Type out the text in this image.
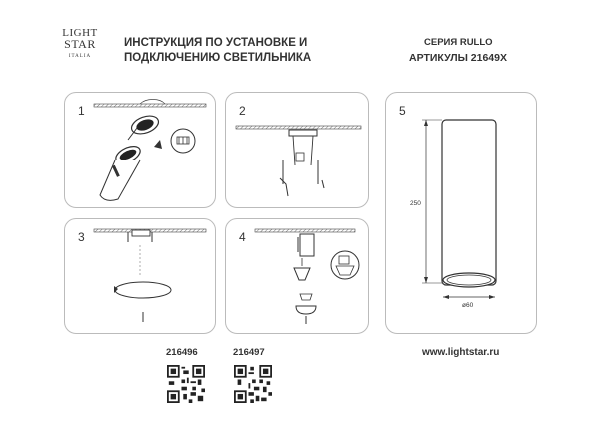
LIGHT
STAR
ITALIA
ИНСТРУКЦИЯ ПО УСТАНОВКЕ И
ПОДКЛЮЧЕНИЮ СВЕТИЛЬНИКА
СЕРИЯ RULLO
АРТИКУЛЫ 21649X
1	2
3	4
5
250
ø60
216496	216497	www.lightstar.ru
